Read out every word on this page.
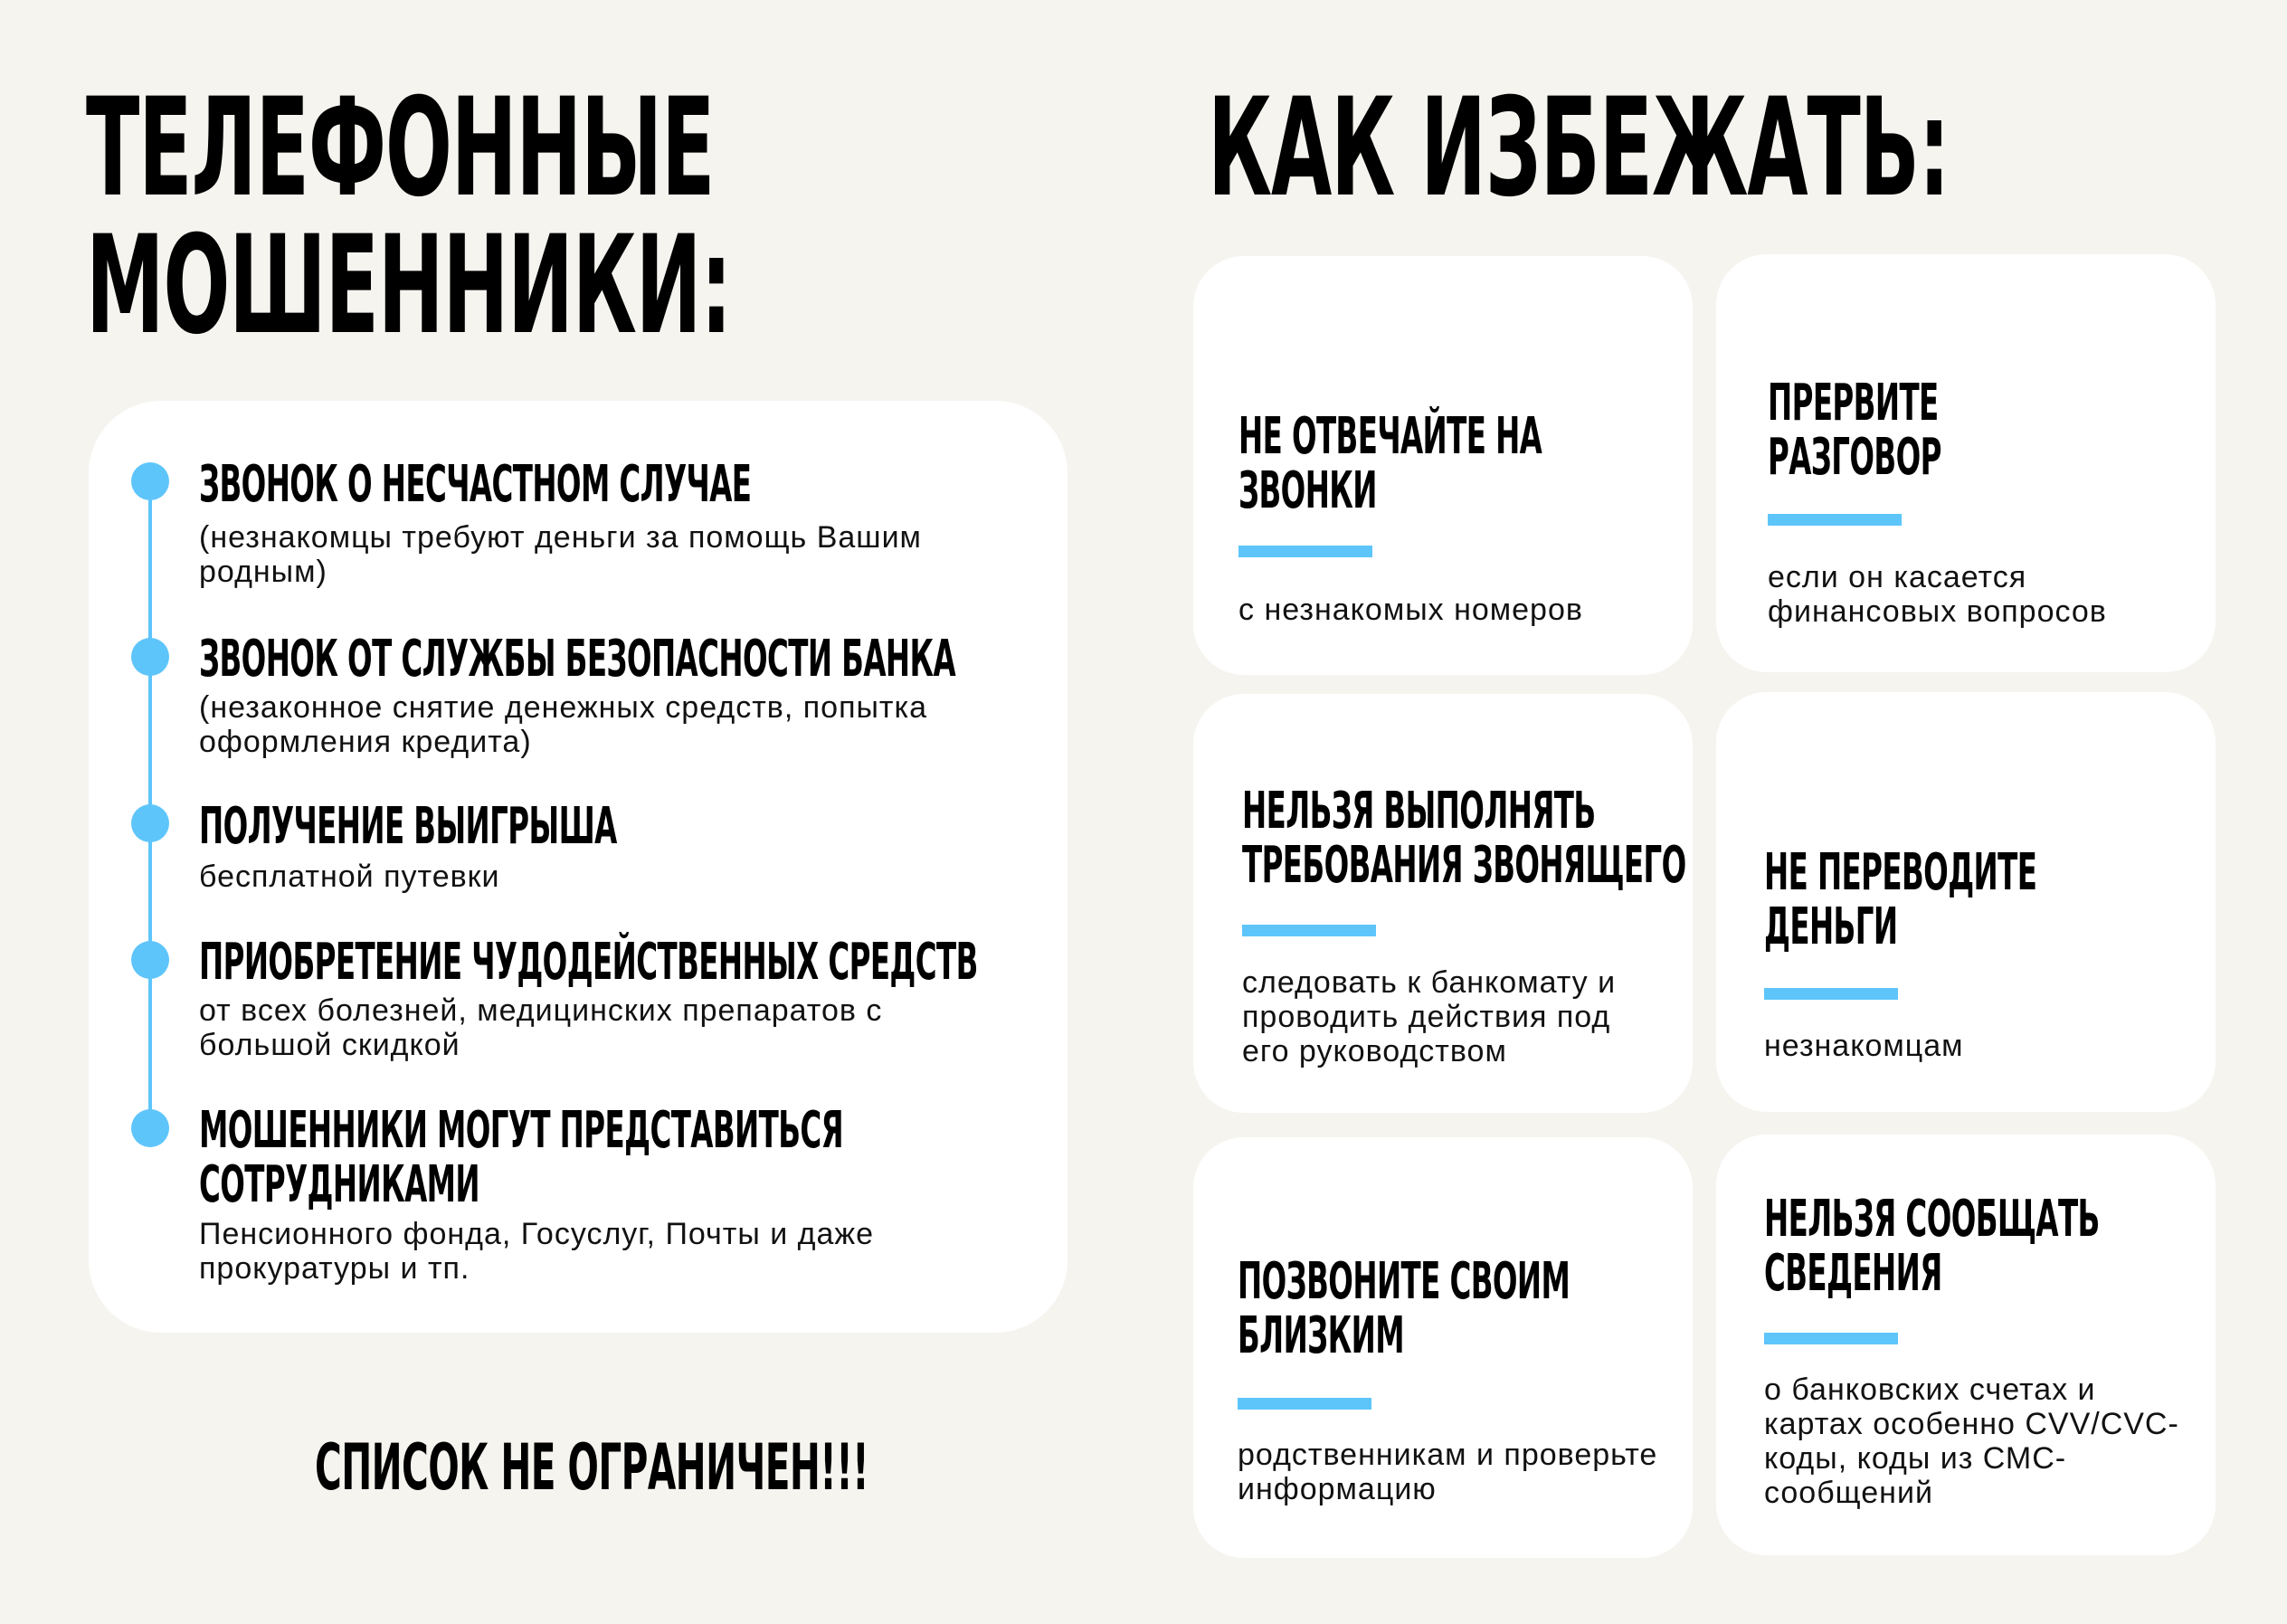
ТЕЛЕФОННЫЕ
МОШЕННИКИ:
КАК ИЗБЕЖАТЬ:
ЗВОНОК О НЕСЧАСТНОМ СЛУЧАЕ
(незнакомцы требуют деньги за помощь Вашим родным)
ЗВОНОК ОТ СЛУЖБЫ БЕЗОПАСНОСТИ БАНКА
(незаконное снятие денежных средств, попытка оформления кредита)
ПОЛУЧЕНИЕ ВЫИГРЫША
бесплатной путевки
ПРИОБРЕТЕНИЕ ЧУДОДЕЙСТВЕННЫХ СРЕДСТВ
от всех болезней, медицинских препаратов с большой скидкой
МОШЕННИКИ МОГУТ ПРЕДСТАВИТЬСЯ
СОТРУДНИКАМИ
Пенсионного фонда, Госуслуг, Почты и даже прокуратуры и тп.
СПИСОК НЕ ОГРАНИЧЕН!!!
НЕ ОТВЕЧАЙТЕ НА
ЗВОНКИ
с незнакомых номеров
ПРЕРВИТЕ
РАЗГОВОР
если он касается финансовых вопросов
НЕЛЬЗЯ ВЫПОЛНЯТЬ
ТРЕБОВАНИЯ ЗВОНЯЩЕГО
следовать к банкомату и проводить действия под его руководством
НЕ ПЕРЕВОДИТЕ
ДЕНЬГИ
незнакомцам
ПОЗВОНИТЕ СВОИМ
БЛИЗКИМ
родственникам и проверьте информацию
НЕЛЬЗЯ СООБЩАТЬ
СВЕДЕНИЯ
о банковских счетах и картах особенно CVV/CVC-коды, коды из СМС- сообщений
